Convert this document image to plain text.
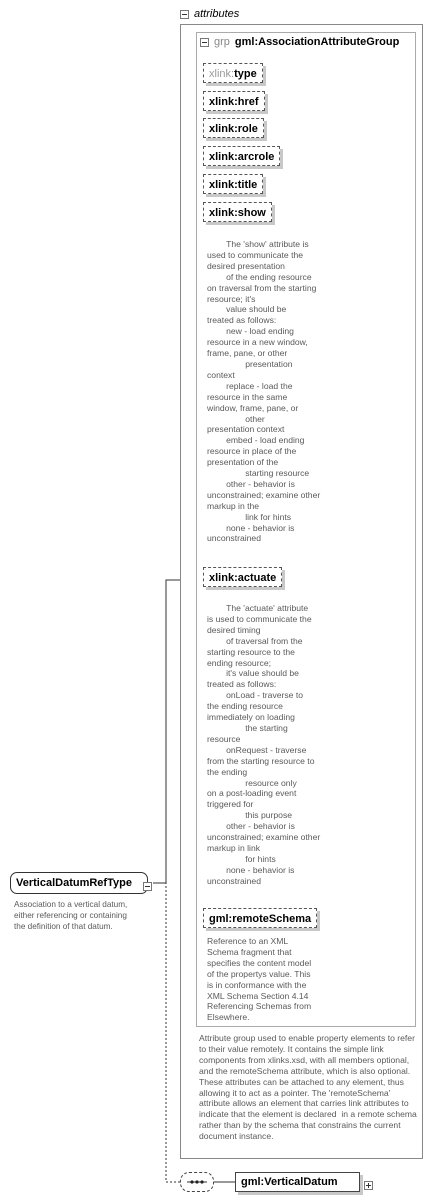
attributes
grp gml:AssociationAttributeGroup
xlink:type
xlink:href
xlink:role
xlink:arcrole
xlink:title
xlink:show
The 'show' attribute is
used to communicate the
desired presentation
of the ending resource
on traversal from the starting
resource; it's
value should be
treated as follows:
new - load ending
resource in a new window,
frame, pane, or other
presentation
context
replace - load the
resource in the same
window, frame, pane, or
other
presentation context
embed - load ending
resource in place of the
presentation of the
starting resource
other - behavior is
unconstrained; examine other
markup in the
link for hints
none - behavior is
unconstrained
xlink:actuate
The 'actuate' attribute
is used to communicate the
desired timing
of traversal from the
starting resource to the
ending resource;
it's value should be
treated as follows:
onLoad - traverse to
the ending resource
immediately on loading
the starting
resource
onRequest - traverse
from the starting resource to
the ending
resource only
on a post-loading event
triggered for
this purpose
other - behavior is
unconstrained; examine other
markup in link
for hints
none - behavior is
unconstrained
gml:remoteSchema
Reference to an XML
Schema fragment that
specifies the content model
of the propertys value. This
is in conformance with the
XML Schema Section 4.14
Referencing Schemas from
Elsewhere.
Attribute group used to enable property elements to refer to their value remotely. It contains the simple link components from xlinks.xsd, with all members optional, and the remoteSchema attribute, which is also optional.  These attributes can be attached to any element, thus allowing it to act as a pointer. The 'remoteSchema' attribute allows an element that carries link attributes to indicate that the element is declared  in a remote schema rather than by the schema that constrains the current document instance.
VerticalDatumRefType

Association to a vertical datum,
either referencing or containing
the definition of that datum.
gml:VerticalDatum
